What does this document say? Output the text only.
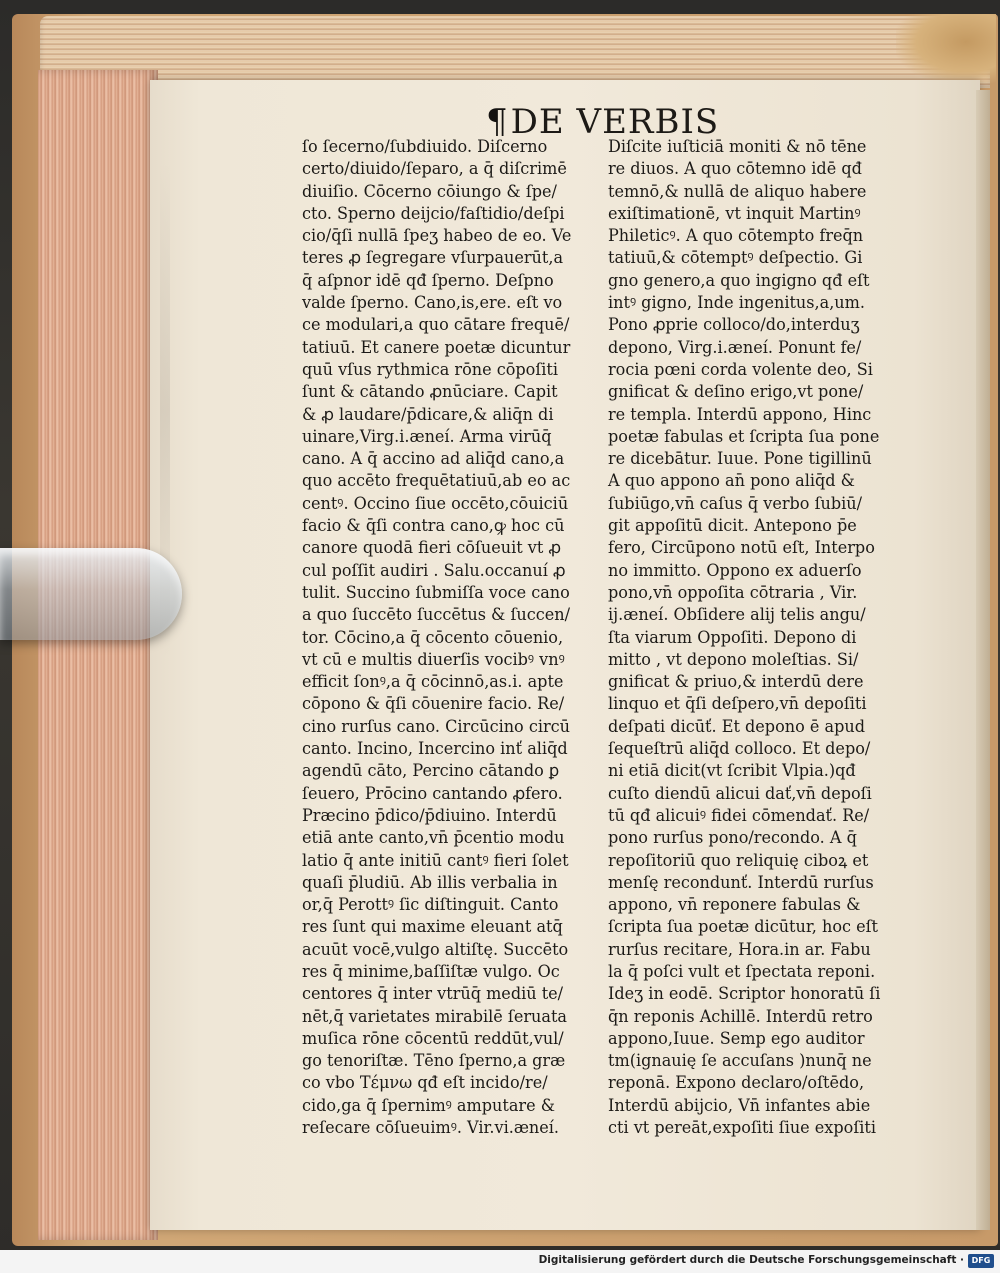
¶DE VERBIS
ſo ſecerno/ſubdiuido. Diſcerno
certo/diuido/ſeparo, a q̄ diſcrimē
diuiſio. Cōcerno cōiungo & ſpe/
cto. Sperno deijcio/faſtidio/deſpi
cio/q̄ſi nullā ſpeʒ habeo de eo. Ve
teres ꝓ ſegregare vſurpauerūt,a
q̄ aſpnor idē qđ ſperno. Deſpno
valde ſperno. Cano,is,ere. eſt vo
ce modulari,a quo cātare frequē/
tatiuū. Et canere poetæ dicuntur
quū vſus rythmica rōne cōpoſiti
ſunt & cātando ꝓnūciare. Capit
& ꝓ laudare/p̄dicare,& aliq̄n di
uinare,Virg.i.æneí. Arma virūq̄
cano. A q̄ accino ad aliq̄d cano,a
quo accēto frequētatiuū,ab eo ac
centꝰ. Occino ſiue occēto,cōuiciū
facio & q̄ſi contra cano,ꝙ hoc cū
canore quodā fieri cōſueuit vt ꝓ
cul poſſit audiri . Salu.occanuí ꝓ
tulit. Succino ſubmiſſa voce cano
a quo ſuccēto ſuccētus & ſuccen/
tor. Cōcino,a q̄ cōcento cōuenio,
vt cū e multis diuerſis vocibꝰ vnꝰ
efficit ſonꝰ,a q̄ cōcinnō,as.i. apte
cōpono & q̄ſi cōuenire facio. Re/
cino rurſus cano. Circūcino circū
canto. Incino, Incercino inť aliq̄d
agendū cāto, Percino cātando ꝑ
ſeuero, Prōcino cantando ꝓfero.
Præcino p̄dico/p̄diuino. Interdū
etiā ante canto,vn̄ p̄centio modu
latio q̄ ante initiū cantꝰ fieri ſolet
quaſi p̄ludiū. Ab illis verbalia in
or,q̄ Perottꝰ ſic diſtinguit. Canto
res ſunt qui maxime eleuant atq̄
acuūt vocē,vulgo altiſtę. Succēto
res q̄ minime,baſſiſtæ vulgo. Oc
centores q̄ inter vtrūq̄ mediū te/
nēt,q̄ varietates mirabilē ſeruata
muſica rōne cōcentū reddūt,vul/
go tenoriſtæ. Tēno ſperno,a græ
co vbo Τέμνω qđ eſt incido/re/
cido,ga q̄ ſpernimꝰ amputare &
reſecare cōſueuimꝰ. Vir.vi.æneí.
Diſcite iuſticiā moniti & nō tēne
re diuos. A quo cōtemno idē qđ
temnō,& nullā de aliquo habere
exiſtimationē, vt inquit Martinꝰ
Phileticꝰ. A quo cōtempto freq̄n
tatiuū,& cōtemptꝰ deſpectio. Gi
gno genero,a quo ingigno qđ eſt
intꝰ gigno, Inde ingenitus,a,um.
Pono ꝓprie colloco/do,interduʒ
depono, Virg.i.æneí. Ponunt fe/
rocia pœni corda volente deo, Si
gnificat & deſino erigo,vt pone/
re templa. Interdū appono, Hinc
poetæ fabulas et ſcripta ſua pone
re dicebātur. Iuue. Pone tigillinū
A quo appono an̄ pono aliq̄d &
ſubiūgo,vn̄ caſus q̄ verbo ſubiū/
git appoſitū dicit. Antepono p̄e
fero, Circūpono notū eſt, Interpo
no immitto. Oppono ex aduerſo
pono,vn̄ oppoſita cōtraria , Vir.
ij.æneí. Obſidere alij telis angu/
ſta viarum Oppoſiti. Depono di
mitto , vt depono moleſtias. Si/
gnificat & priuo,& interdū dere
linquo et q̄ſi deſpero,vn̄ depoſiti
deſpati dicūť. Et depono ē apud
ſequeſtrū aliq̄d colloco. Et depo/
ni etiā dicit(vt ſcribit Vlpia.)qđ
cuſto diendū alicui dať,vn̄ depoſi
tū qđ alicuiꝰ fidei cōmendať. Re/
pono rurſus pono/recondo. A q̄
repoſitoriū quo reliquię ciboꝝ et
menſę recondunť. Interdū rurſus
appono, vn̄ reponere fabulas &
ſcripta ſua poetæ dicūtur, hoc eſt
rurſus recitare, Hora.in ar. Fabu
la q̄ poſci vult et ſpectata reponi.
Ideʒ in eodē. Scriptor honoratū ſi
q̄n reponis Achillē. Interdū retro
appono,Iuue. Semp ego auditor
tm(ignauię ſe accuſans )nunq̄ ne
reponā. Expono declaro/oſtēdo,
Interdū abijcio, Vn̄ infantes abie
cti vt pereāt,expoſiti ſiue expoſiti
Digitalisierung gefördert durch die Deutsche Forschungsgemeinschaft · DFG
